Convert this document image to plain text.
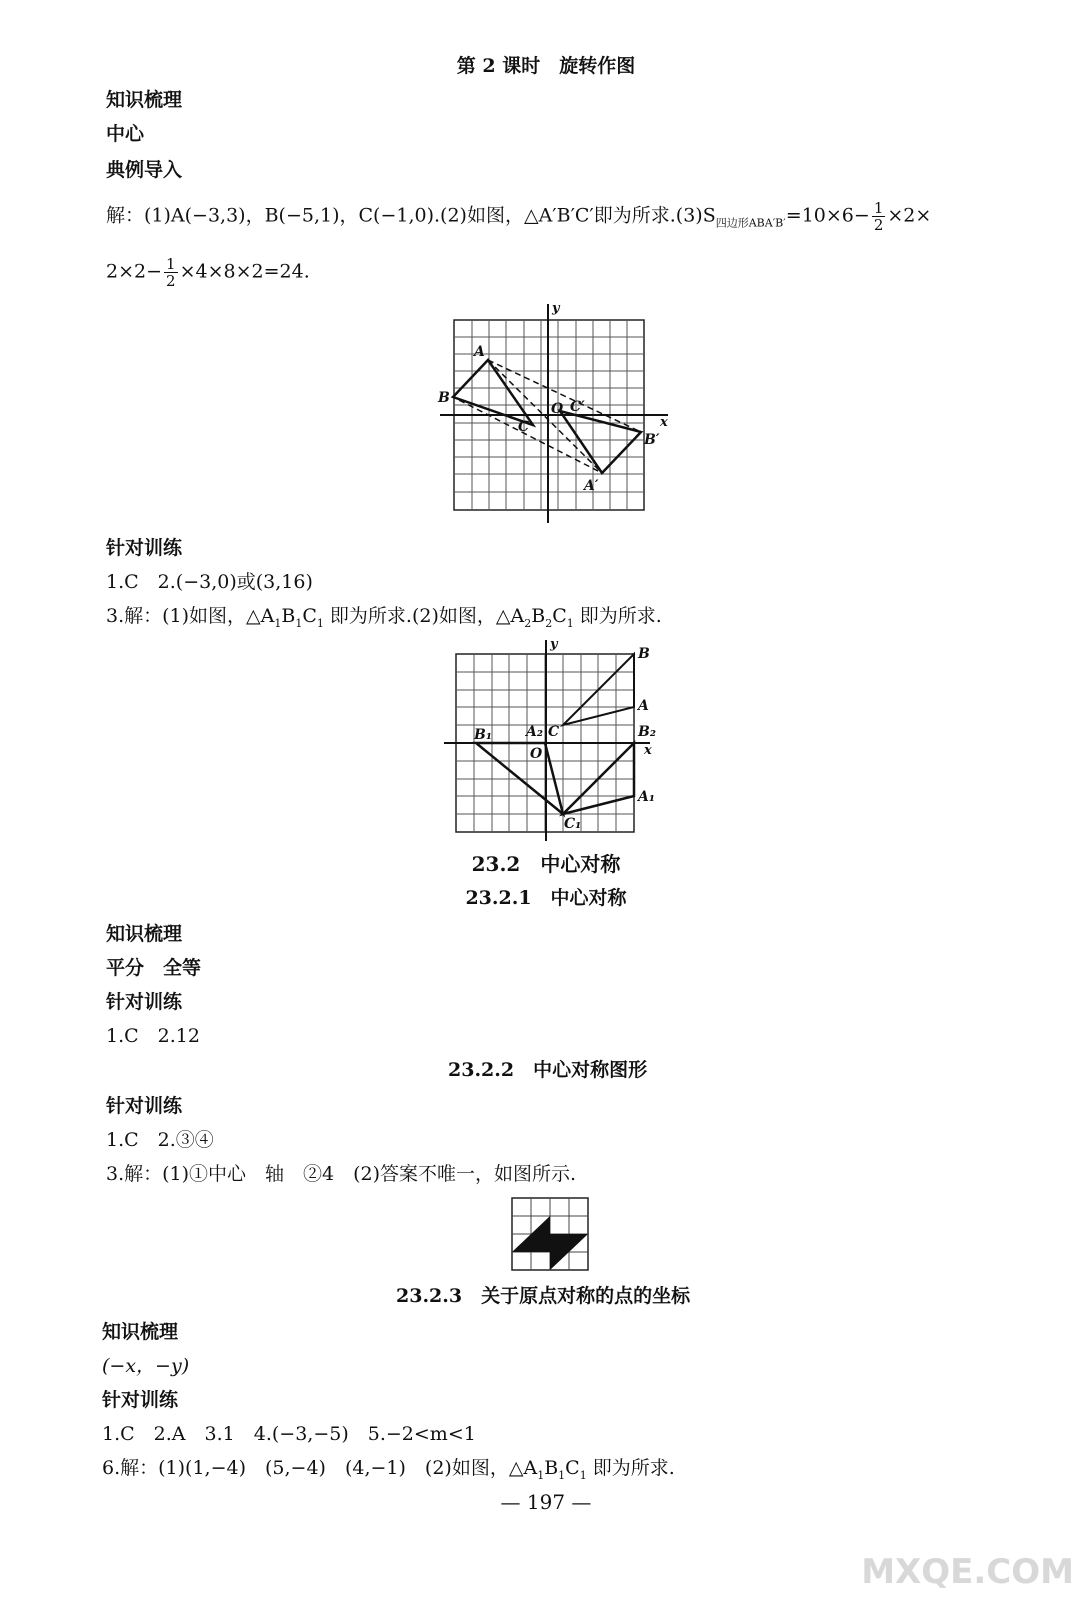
第 2 课时　旋转作图
知识梳理
中心
典例导入
解：(1)A(−3,3)，B(−5,1)，C(−1,0).(2)如图，△A′B′C′即为所求$.(3)S_{四边形ABA'B'}=10\times 6- \frac{1}{2} \times 2\times$
$2\times 2- \frac{1}{2} \times 4\times 8\times 2=24$.
A
B
C
O C′
B′
A′
x
y
针对训练
1.C　2.(−3,0)或(3,16)
3.解：(1)如图，$\triangle A_1B_1C_1$ 即为所求.(2)如图，$\triangle A_2B_2C_1$ 即为所求.
B
A
A₂ C
B₁	B₂
O	x
y
A₁
C₁
23.2　中心对称
23.2.1　中心对称
知识梳理
平分　全等
针对训练
1.C　2.12
23.2.2　中心对称图形
针对训练
1.C　2.③④
3.解：(1)①中心　轴　②4　(2)答案不唯一，如图所示.
23.2.3　关于原点对称的点的坐标
知识梳理
(−x，−y)
针对训练
1.C　2.A　3.1　4.(−3,−5)　5.−2<m<1
6.解：(1)(1,−4)　(5,−4)　(4,−1)　(2)如图，$\triangle A_1B_1C_1$ 即为所求.
— 197 —
MXQE.COM
